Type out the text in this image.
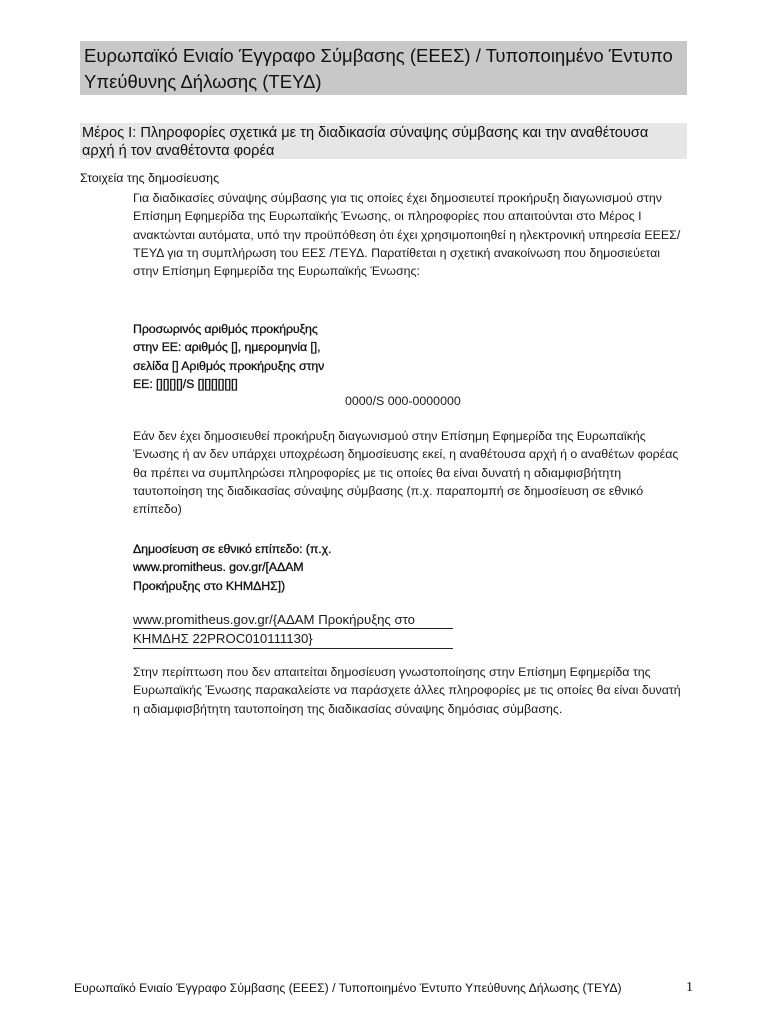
Ευρωπαϊκό Ενιαίο Έγγραφο Σύμβασης (ΕΕΕΣ) / Τυποποιημένο Έντυπο Υπεύθυνης Δήλωσης (ΤΕΥΔ)
Μέρος Ι: Πληροφορίες σχετικά με τη διαδικασία σύναψης σύμβασης και την αναθέτουσα αρχή ή τον αναθέτοντα φορέα
Στοιχεία της δημοσίευσης

Για διαδικασίες σύναψης σύμβασης για τις οποίες έχει δημοσιευτεί προκήρυξη διαγωνισμού στην Επίσημη Εφημερίδα της Ευρωπαϊκής Ένωσης, οι πληροφορίες που απαιτούνται στο Μέρος I ανακτώνται αυτόματα, υπό την προϋπόθεση ότι έχει χρησιμοποιηθεί η ηλεκτρονική υπηρεσία ΕΕΕΣ/ΤΕΥΔ για τη συμπλήρωση του ΕΕΣ /ΤΕΥΔ. Παρατίθεται η σχετική ανακοίνωση που δημοσιεύεται στην Επίσημη Εφημερίδα της Ευρωπαϊκής Ένωσης:

Προσωρινός αριθμός προκήρυξης στην ΕΕ: αριθμός [], ημερομηνία [], σελίδα [] Αριθμός προκήρυξης στην ΕΕ: [][][][]/S [][][][][][]
0000/S 000-0000000

Εάν δεν έχει δημοσιευθεί προκήρυξη διαγωνισμού στην Επίσημη Εφημερίδα της Ευρωπαϊκής Ένωσης ή αν δεν υπάρχει υποχρέωση δημοσίευσης εκεί, η αναθέτουσα αρχή ή ο αναθέτων φορέας θα πρέπει να συμπληρώσει πληροφορίες με τις οποίες θα είναι δυνατή η αδιαμφισβήτητη ταυτοποίηση της διαδικασίας σύναψης σύμβασης (π.χ. παραπομπή σε δημοσίευση σε εθνικό επίπεδο)

Δημοσίευση σε εθνικό επίπεδο: (π.χ. www.promitheus. gov.gr/[ΑΔΑΜ Προκήρυξης στο ΚΗΜΔΗΣ])
www.promitheus.gov.gr/{ΑΔΑΜ Προκήρυξης στο ΚΗΜΔΗΣ 22PROC010111130}

Στην περίπτωση που δεν απαιτείται δημοσίευση γνωστοποίησης στην Επίσημη Εφημερίδα της Ευρωπαϊκής Ένωσης παρακαλείστε να παράσχετε άλλες πληροφορίες με τις οποίες θα είναι δυνατή η αδιαμφισβήτητη ταυτοποίηση της διαδικασίας σύναψης δημόσιας σύμβασης.

Ευρωπαϊκό Ενιαίο Έγγραφο Σύμβασης (ΕΕΕΣ) / Τυποποιημένο Έντυπο Υπεύθυνης Δήλωσης (ΤΕΥΔ)	1
